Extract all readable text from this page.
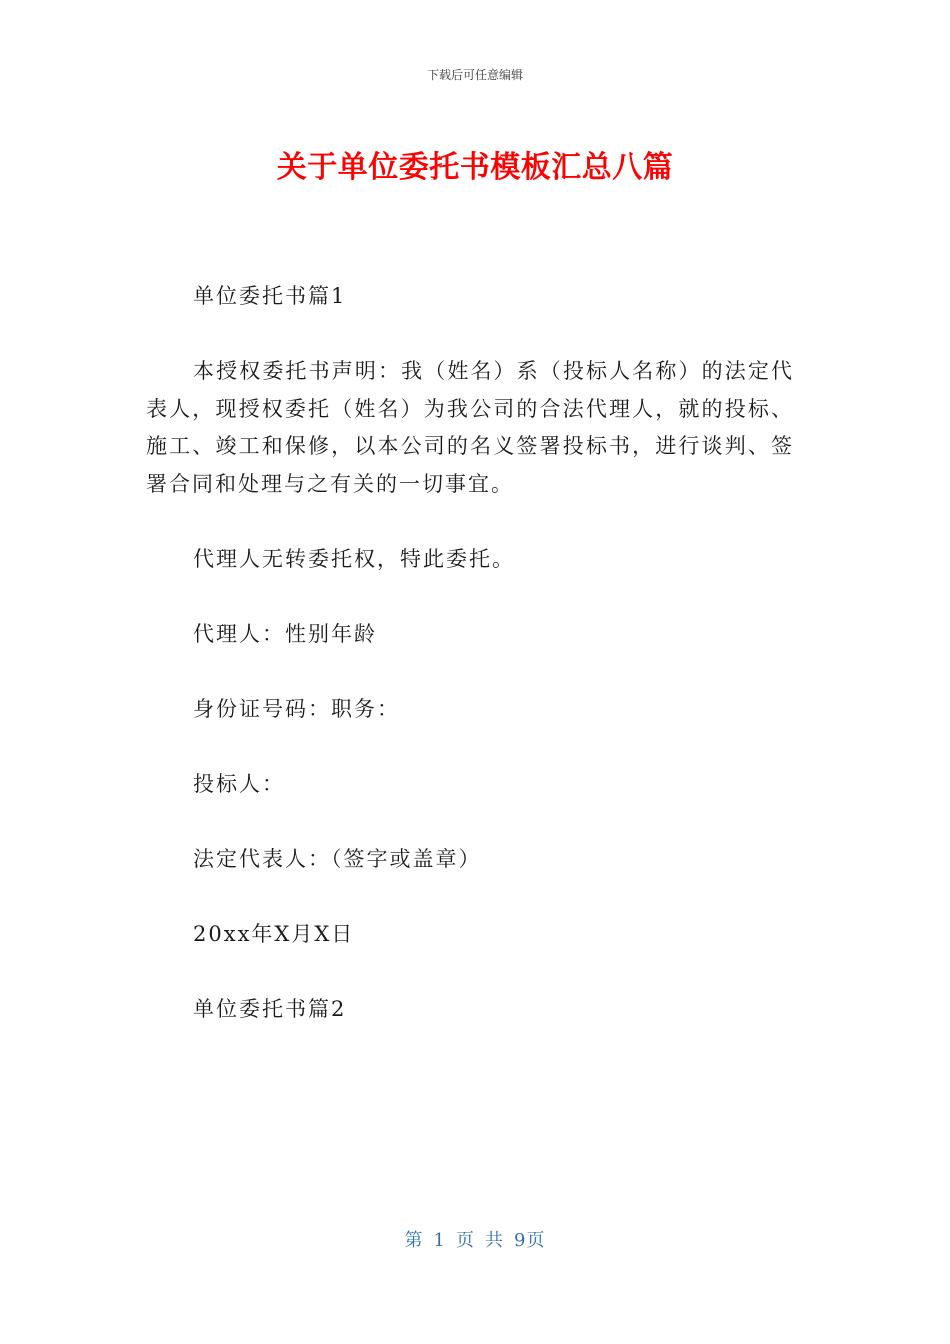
下载后可任意编辑
关于单位委托书模板汇总八篇

单位委托书篇1

本授权委托书声明：我（姓名）系（投标人名称）的法定代表人，现授权委托（姓名）为我公司的合法代理人，就的投标、施工、竣工和保修，以本公司的名义签署投标书，进行谈判、签署合同和处理与之有关的一切事宜。

代理人无转委托权，特此委托。

代理人：性别年龄

身份证号码：职务：

投标人：

法定代表人：（签字或盖章）

20xx年X月X日

单位委托书篇2

第 1 页 共 9页
